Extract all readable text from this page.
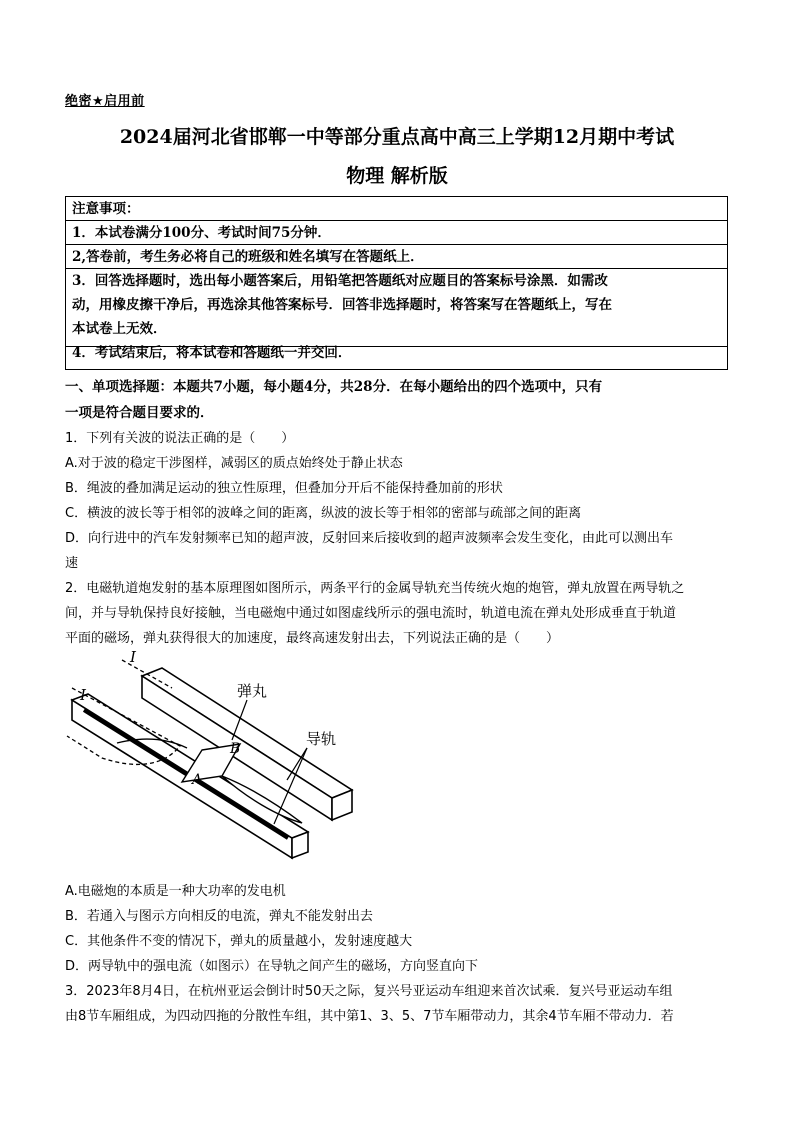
绝密★启用前
2024届河北省邯郸一中等部分重点高中高三上学期12月期中考试
物理 解析版
注意事项：
1．本试卷满分100分、考试时间75分钟．
2,答卷前，考生务必将自己的班级和姓名填写在答题纸上．
3．回答选择题时，选出每小题答案后，用铅笔把答题纸对应题目的答案标号涂黑．如需改
动，用橡皮擦干净后，再选涂其他答案标号．回答非选择题时，将答案写在答题纸上，写在
本试卷上无效．
4．考试结束后，将本试卷和答题纸一并交回．
一、单项选择题：本题共7小题，每小题4分，共28分．在每小题给出的四个选项中，只有
一项是符合题目要求的．
1．下列有关波的说法正确的是（　　）
A.对于波的稳定干涉图样，减弱区的质点始终处于静止状态
B．绳波的叠加满足运动的独立性原理，但叠加分开后不能保持叠加前的形状
C．横波的波长等于相邻的波峰之间的距离，纵波的波长等于相邻的密部与疏部之间的距离
D．向行进中的汽车发射频率已知的超声波，反射回来后接收到的超声波频率会发生变化，由此可以测出车
速
2．电磁轨道炮发射的基本原理图如图所示，两条平行的金属导轨充当传统火炮的炮管，弹丸放置在两导轨之
间，并与导轨保持良好接触，当电磁炮中通过如图虚线所示的强电流时，轨道电流在弹丸处形成垂直于轨道
平面的磁场，弹丸获得很大的加速度，最终高速发射出去，下列说法正确的是（　　）
I
I	弹丸
导轨
A
B
A.电磁炮的本质是一种大功率的发电机
B．若通入与图示方向相反的电流，弹丸不能发射出去
C．其他条件不变的情况下，弹丸的质量越小，发射速度越大
D．两导轨中的强电流（如图示）在导轨之间产生的磁场，方向竖直向下
3．2023年8月4日，在杭州亚运会倒计时50天之际，复兴号亚运动车组迎来首次试乘．复兴号亚运动车组
由8节车厢组成，为四动四拖的分散性车组，其中第1、3、5、7节车厢带动力，其余4节车厢不带动力．若
